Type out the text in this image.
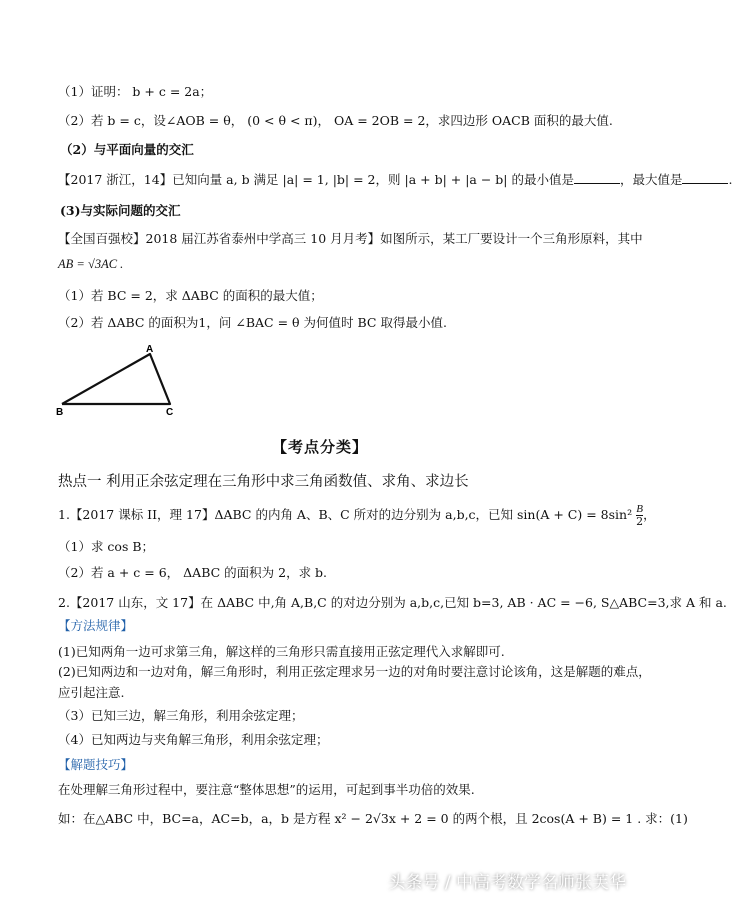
（1）证明： b + c = 2a；
（2）若 b = c，设∠AOB = θ， (0 < θ < π)， OA = 2OB = 2，求四边形 OACB 面积的最大值.
（2）与平面向量的交汇
【2017 浙江，14】已知向量 a, b 满足 |a| = 1, |b| = 2，则 |a + b| + |a − b| 的最小值是	，最大值是
(3)与实际问题的交汇
【全国百强校】2018 届江苏省泰州中学高三 10 月月考】如图所示，某工厂要设计一个三角形原料，其中
AB = √3AC .
（1）若 BC = 2，求 ΔABC 的面积的最大值；
（2）若 ΔABC 的面积为1，问 ∠BAC = θ 为何值时 BC 取得最小值.
A
B	C
【考点分类】
热点一 利用正余弦定理在三角形中求三角函数值、求角、求边长
1.【2017 课标 II，理 17】ΔABC 的内角 A、B、C 所对的边分别为 a,b,c，已知 $\sin(A + C) = 8\sin^2 \frac{B}{2}$ ，
（1）求 cos B；
（2）若 a + c = 6， ΔABC 的面积为 2，求 b.
2.【2017 山东，文 17】在 ΔABC 中,角 A,B,C 的对边分别为 a,b,c,已知 b=3, AB · AC = −6, S△ABC=3,求 A 和 a.
【方法规律】
(1)已知两角一边可求第三角，解这样的三角形只需直接用正弦定理代入求解即可.
(2)已知两边和一边对角，解三角形时，利用正弦定理求另一边的对角时要注意讨论该角，这是解题的难点，
应引起注意.
（3）已知三边，解三角形，利用余弦定理；
（4）已知两边与夹角解三角形，利用余弦定理；
【解题技巧】
在处理解三角形过程中，要注意“整体思想”的运用，可起到事半功倍的效果.
如：在△ABC 中，BC=a，AC=b，a，b 是方程 x² − 2√3x + 2 = 0 的两个根，且 2cos(A + B) = 1 . 求：(1)
头条号 / 中高考数学名师张芙华
